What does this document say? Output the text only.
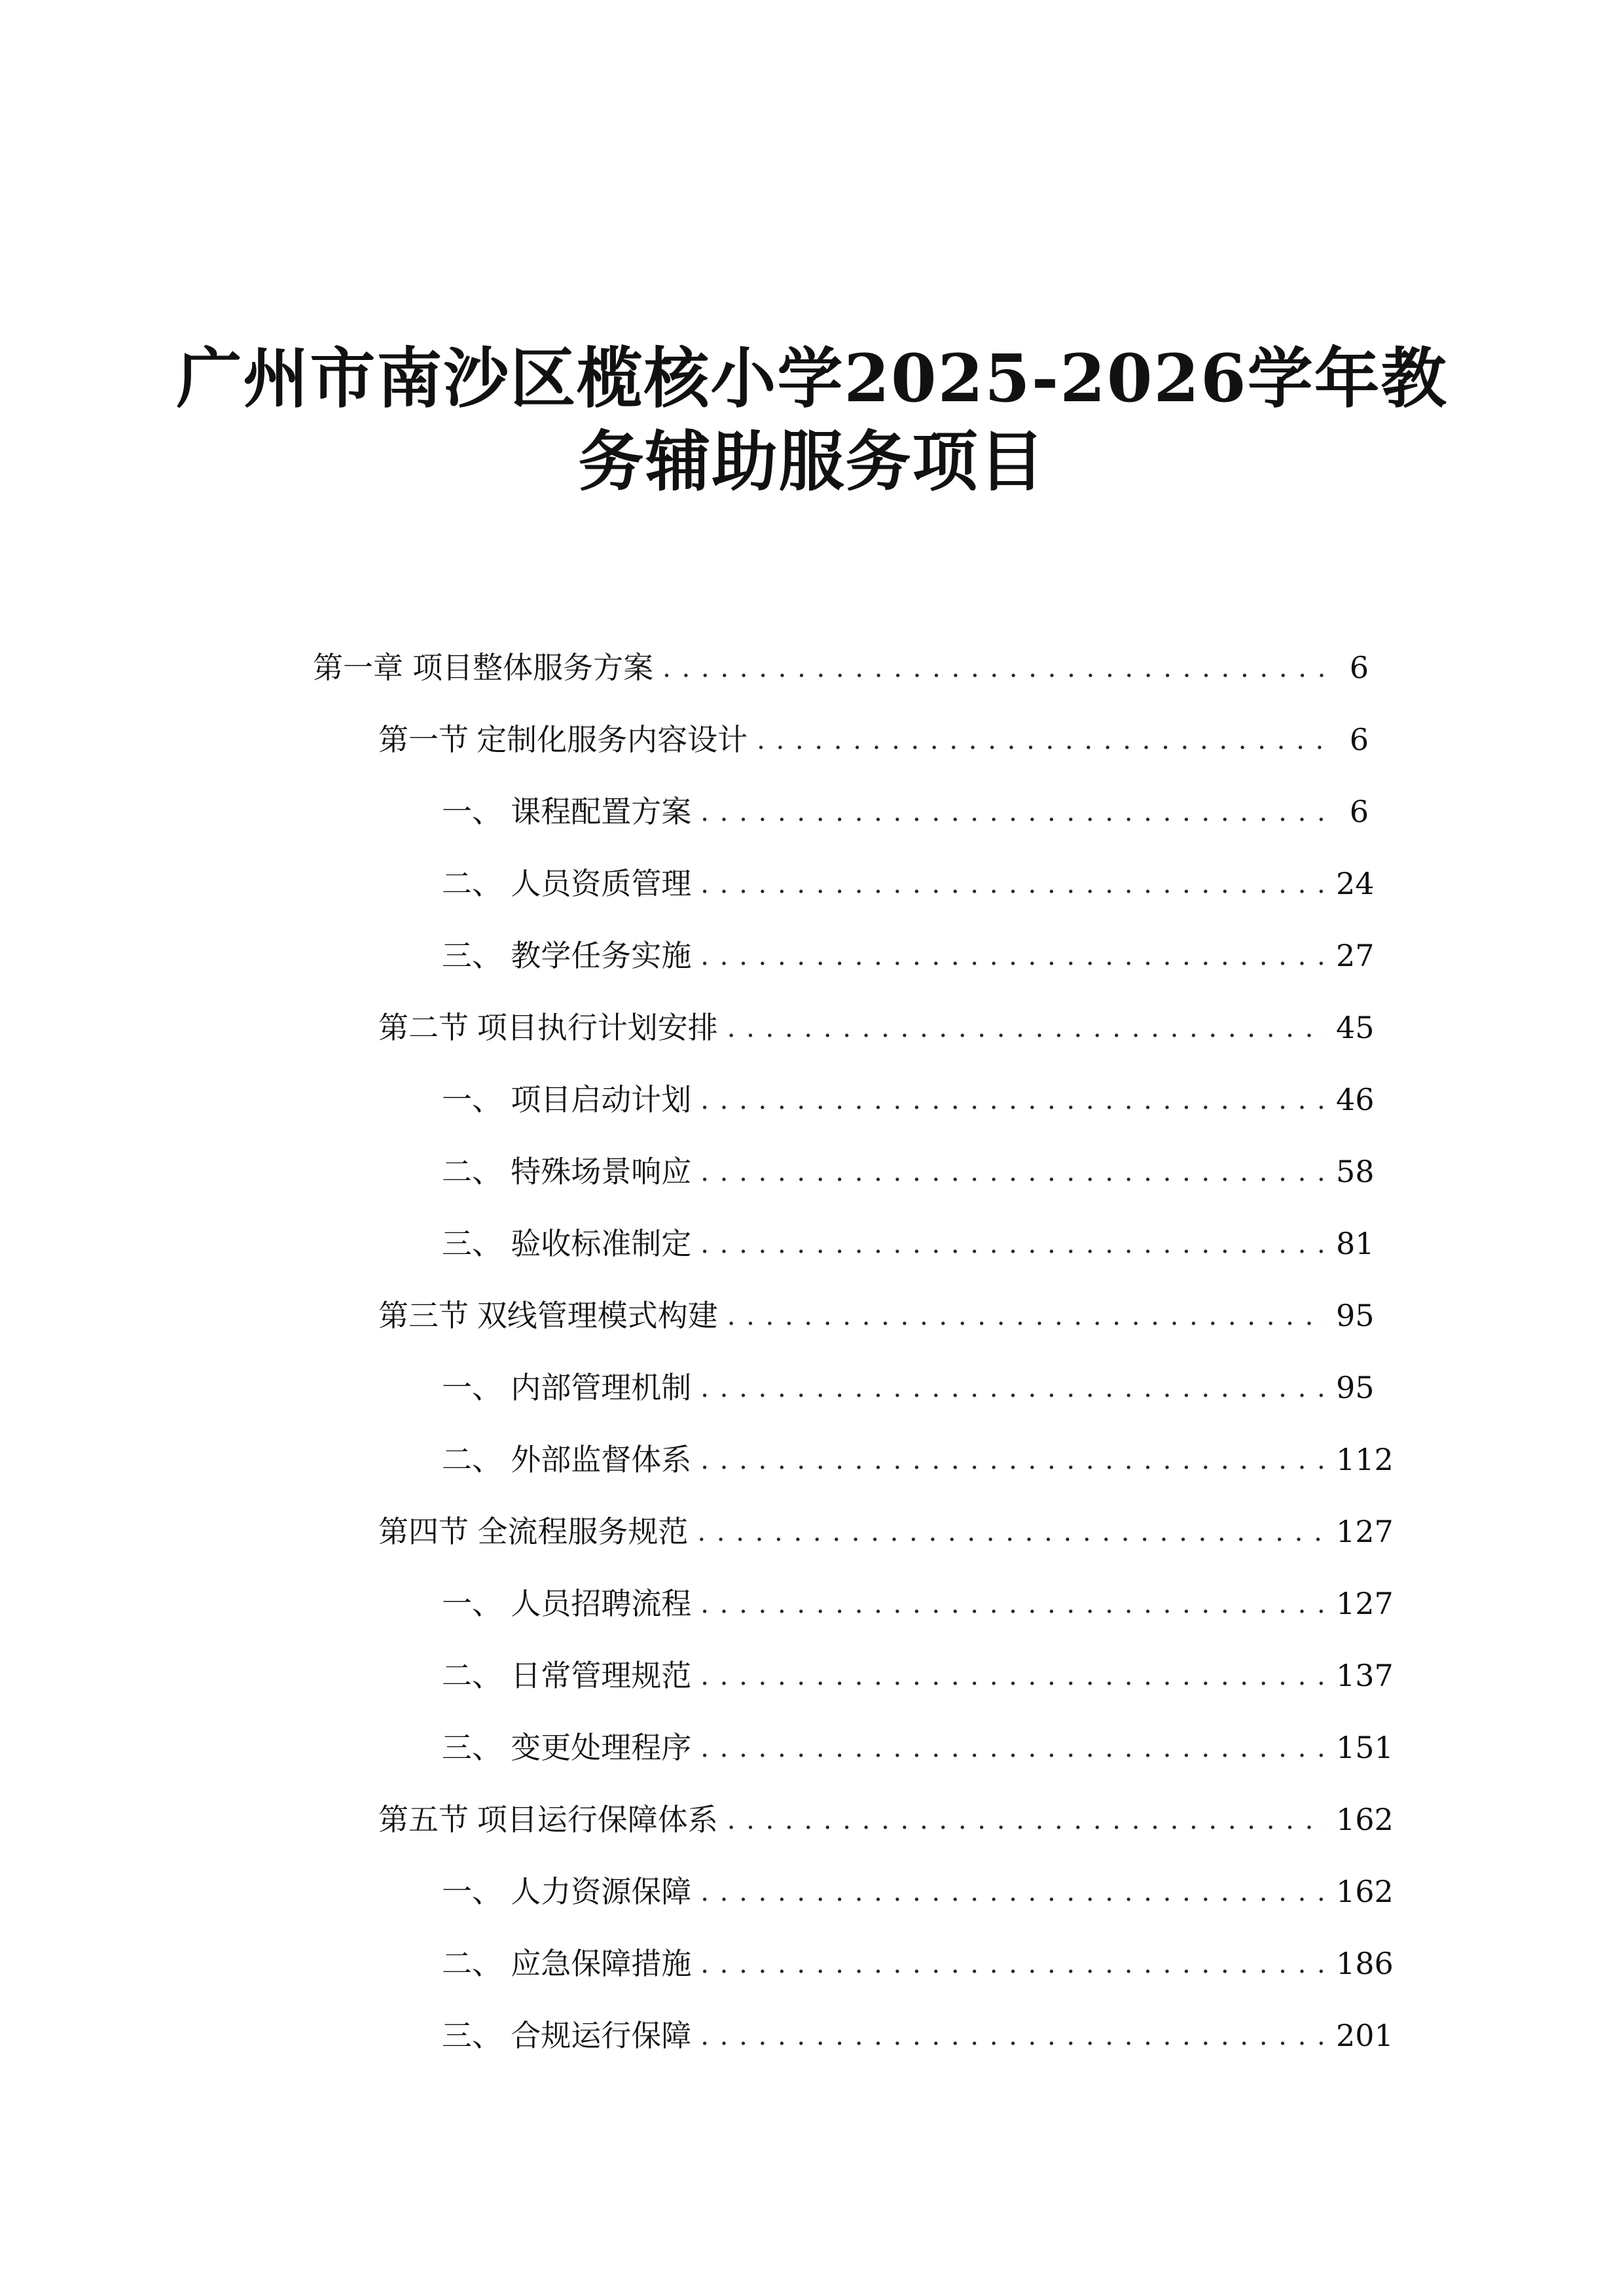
广州市南沙区榄核小学2025-2026学年教
务辅助服务项目
第一章 项目整体服务方案 . . .	6
第一节 定制化服务内容设计 . . .	6
一、 课程配置方案 . . .	6
二、 人员资质管理 . . .	24
三、 教学任务实施 . . .	27
第二节 项目执行计划安排 . . .	45
一、 项目启动计划 . . .	46
二、 特殊场景响应 . . .	58
三、 验收标准制定 . . .	81
第三节 双线管理模式构建 . . .	95
一、 内部管理机制 . . .	95
二、 外部监督体系 . . .	112
第四节 全流程服务规范 . . .	127
一、 人员招聘流程 . . .	127
二、 日常管理规范 . . .	137
三、 变更处理程序 . . .	151
第五节 项目运行保障体系 . . .	162
一、 人力资源保障 . . .	162
二、 应急保障措施 . . .	186
三、 合规运行保障 . . .	201
